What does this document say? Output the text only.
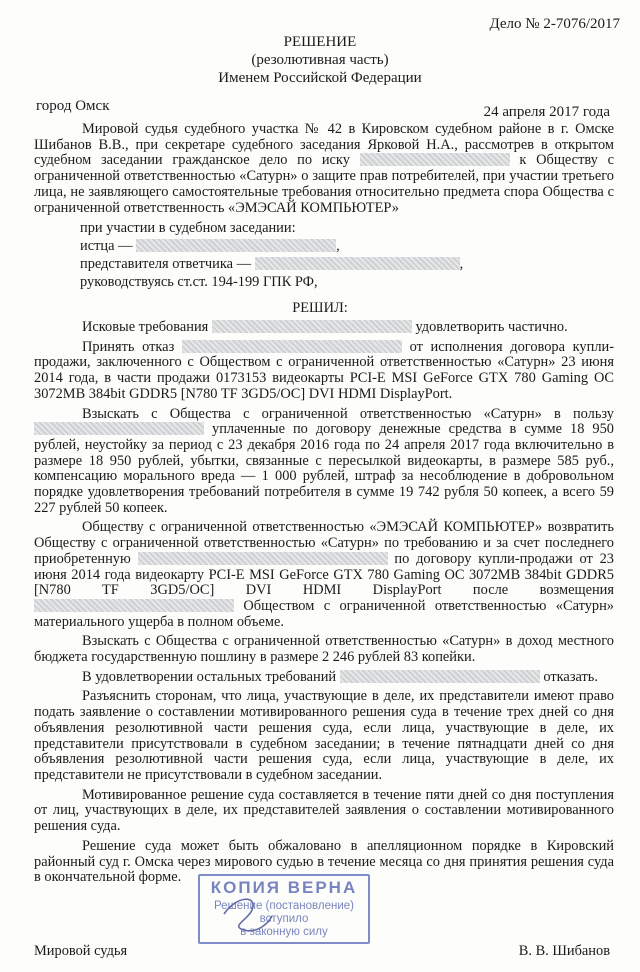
Дело № 2-7076/2017
РЕШЕНИЕ
(резолютивная часть)
Именем Российской Федерации
город Омск	24 апреля 2017 года

Мировой судья судебного участка № 42 в Кировском судебном районе в г. Омске Шибанов В.В., при секретаре судебного заседания Ярковой Н.А., рассмотрев в открытом судебном заседании гражданское дело по иску	к Обществу с ограниченной ответственностью «Сатурн» о защите прав потребителей, при участии третьего лица, не заявляющего самостоятельные требования относительно предмета спора Общества с ограниченной ответственность «ЭМЭСАЙ КОМПЬЮТЕР»

при участии в судебном заседании:
истца —	,
представителя ответчика —	,
руководствуясь ст.ст. 194-199 ГПК РФ,
РЕШИЛ:

Исковые требования	удовлетворить частично.

Принять отказ	от исполнения договора купли-продажи, заключенного с Обществом с ограниченной ответственностью «Сатурн» 23 июня 2014 года, в части продажи 0173153 видеокарты PCI-E MSI GeForce GTX 780 Gaming OC 3072MB 384bit GDDR5 [N780 TF 3GD5/OC] DVI HDMI DisplayPort.

Взыскать с Общества с ограниченной ответственностью «Сатурн» в пользу  уплаченные по договору денежные средства в сумме 18 950 рублей, неустойку за период с 23 декабря 2016 года по 24 апреля 2017 года включительно в размере 18 950 рублей, убытки, связанные с пересылкой видеокарты, в размере 585 руб., компенсацию морального вреда — 1 000 рублей, штраф за несоблюдение в добровольном порядке удовлетворения требований потребителя в сумме 19 742 рубля 50 копеек, а всего 59 227 рублей 50 копеек.

Обществу с ограниченной ответственностью «ЭМЭСАЙ КОМПЬЮТЕР» возвратить Обществу с ограниченной ответственностью «Сатурн» по требованию и за счет последнего приобретенную	по договору купли-продажи от 23 июня 2014 года видеокарту PCI-E MSI GeForce GTX 780 Gaming OC 3072MB 384bit GDDR5 [N780 TF 3GD5/OC] DVI HDMI DisplayPort после возмещения  Обществом с ограниченной ответственностью «Сатурн» материального ущерба в полном объеме.

Взыскать с Общества с ограниченной ответственностью «Сатурн» в доход местного бюджета государственную пошлину в размере 2 246 рублей 83 копейки.

В удовлетворении остальных требований	отказать.

Разъяснить сторонам, что лица, участвующие в деле, их представители имеют право подать заявление о составлении мотивированного решения суда в течение трех дней со дня объявления резолютивной части решения суда, если лица, участвующие в деле, их представители присутствовали в судебном заседании; в течение пятнадцати дней со дня объявления резолютивной части решения суда, если лица, участвующие в деле, их представители не присутствовали в судебном заседании.

Мотивированное решение суда составляется в течение пяти дней со дня поступления от лиц, участвующих в деле, их представителей заявления о составлении мотивированного решения суда.

Решение суда может быть обжаловано в апелляционном порядке в Кировский районный суд г. Омска через мирового судью в течение месяца со дня принятия решения суда в окончательной форме.

КОПИЯ ВЕРНА
Решение (постановление)
вступило
в законную силу
Мировой судья	В. В. Шибанов
